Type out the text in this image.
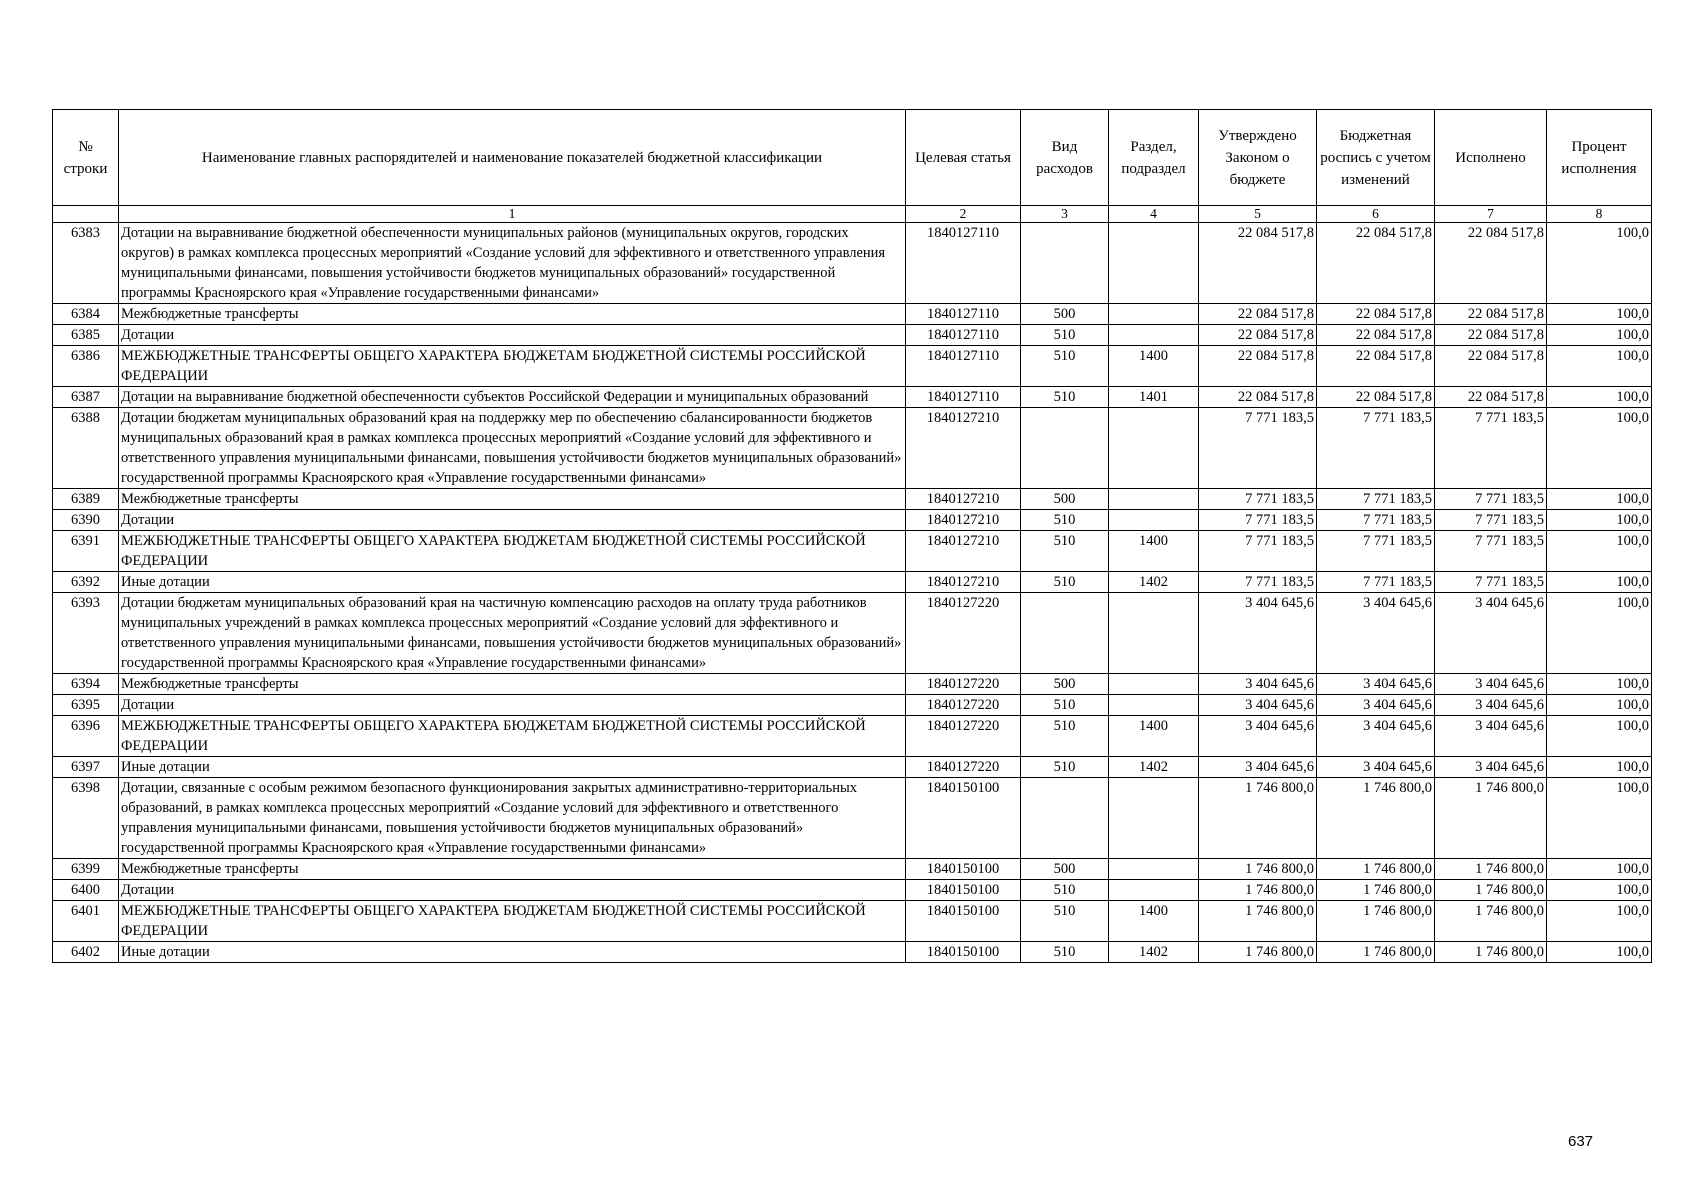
№ строки	Наименование главных распорядителей и наименование показателей бюджетной классификации	Целевая статья	Вид расходов	Раздел, подраздел	Утверждено Законом о бюджете	Бюджетная роспись с учетом изменений	Исполнено	Процент исполнения
	1	2	3	4	5	6	7	8
6383	Дотации на выравнивание бюджетной обеспеченности муниципальных районов (муниципальных округов, городских округов) в рамках комплекса процессных мероприятий «Создание условий для эффективного и ответственного управления муниципальными финансами, повышения устойчивости бюджетов муниципальных образований» государственной программы Красноярского края «Управление государственными финансами»	1840127110			22 084 517,8	22 084 517,8	22 084 517,8	100,0
6384	Межбюджетные трансферты	1840127110	500		22 084 517,8	22 084 517,8	22 084 517,8	100,0
6385	Дотации	1840127110	510		22 084 517,8	22 084 517,8	22 084 517,8	100,0
6386	МЕЖБЮДЖЕТНЫЕ ТРАНСФЕРТЫ ОБЩЕГО ХАРАКТЕРА БЮДЖЕТАМ БЮДЖЕТНОЙ СИСТЕМЫ РОССИЙСКОЙ ФЕДЕРАЦИИ	1840127110	510	1400	22 084 517,8	22 084 517,8	22 084 517,8	100,0
6387	Дотации на выравнивание бюджетной обеспеченности субъектов Российской Федерации и муниципальных образований	1840127110	510	1401	22 084 517,8	22 084 517,8	22 084 517,8	100,0
6388	Дотации бюджетам муниципальных образований края на поддержку мер по обеспечению сбалансированности бюджетов муниципальных образований края в рамках комплекса процессных мероприятий «Создание условий для эффективного и ответственного управления муниципальными финансами, повышения устойчивости бюджетов муниципальных образований» государственной программы Красноярского края «Управление государственными финансами»	1840127210			7 771 183,5	7 771 183,5	7 771 183,5	100,0
6389	Межбюджетные трансферты	1840127210	500		7 771 183,5	7 771 183,5	7 771 183,5	100,0
6390	Дотации	1840127210	510		7 771 183,5	7 771 183,5	7 771 183,5	100,0
6391	МЕЖБЮДЖЕТНЫЕ ТРАНСФЕРТЫ ОБЩЕГО ХАРАКТЕРА БЮДЖЕТАМ БЮДЖЕТНОЙ СИСТЕМЫ РОССИЙСКОЙ ФЕДЕРАЦИИ	1840127210	510	1400	7 771 183,5	7 771 183,5	7 771 183,5	100,0
6392	Иные дотации	1840127210	510	1402	7 771 183,5	7 771 183,5	7 771 183,5	100,0
6393	Дотации бюджетам муниципальных образований края на частичную компенсацию расходов на оплату труда работников муниципальных учреждений в рамках комплекса процессных мероприятий «Создание условий для эффективного и ответственного управления муниципальными финансами, повышения устойчивости бюджетов муниципальных образований» государственной программы Красноярского края «Управление государственными финансами»	1840127220			3 404 645,6	3 404 645,6	3 404 645,6	100,0
6394	Межбюджетные трансферты	1840127220	500		3 404 645,6	3 404 645,6	3 404 645,6	100,0
6395	Дотации	1840127220	510		3 404 645,6	3 404 645,6	3 404 645,6	100,0
6396	МЕЖБЮДЖЕТНЫЕ ТРАНСФЕРТЫ ОБЩЕГО ХАРАКТЕРА БЮДЖЕТАМ БЮДЖЕТНОЙ СИСТЕМЫ РОССИЙСКОЙ ФЕДЕРАЦИИ	1840127220	510	1400	3 404 645,6	3 404 645,6	3 404 645,6	100,0
6397	Иные дотации	1840127220	510	1402	3 404 645,6	3 404 645,6	3 404 645,6	100,0
6398	Дотации, связанные с особым режимом безопасного функционирования закрытых административно-территориальных образований, в рамках комплекса процессных мероприятий «Создание условий для эффективного и ответственного управления муниципальными финансами, повышения устойчивости бюджетов муниципальных образований» государственной программы Красноярского края «Управление государственными финансами»	1840150100			1 746 800,0	1 746 800,0	1 746 800,0	100,0
6399	Межбюджетные трансферты	1840150100	500		1 746 800,0	1 746 800,0	1 746 800,0	100,0
6400	Дотации	1840150100	510		1 746 800,0	1 746 800,0	1 746 800,0	100,0
6401	МЕЖБЮДЖЕТНЫЕ ТРАНСФЕРТЫ ОБЩЕГО ХАРАКТЕРА БЮДЖЕТАМ БЮДЖЕТНОЙ СИСТЕМЫ РОССИЙСКОЙ ФЕДЕРАЦИИ	1840150100	510	1400	1 746 800,0	1 746 800,0	1 746 800,0	100,0
6402	Иные дотации	1840150100	510	1402	1 746 800,0	1 746 800,0	1 746 800,0	100,0
637
